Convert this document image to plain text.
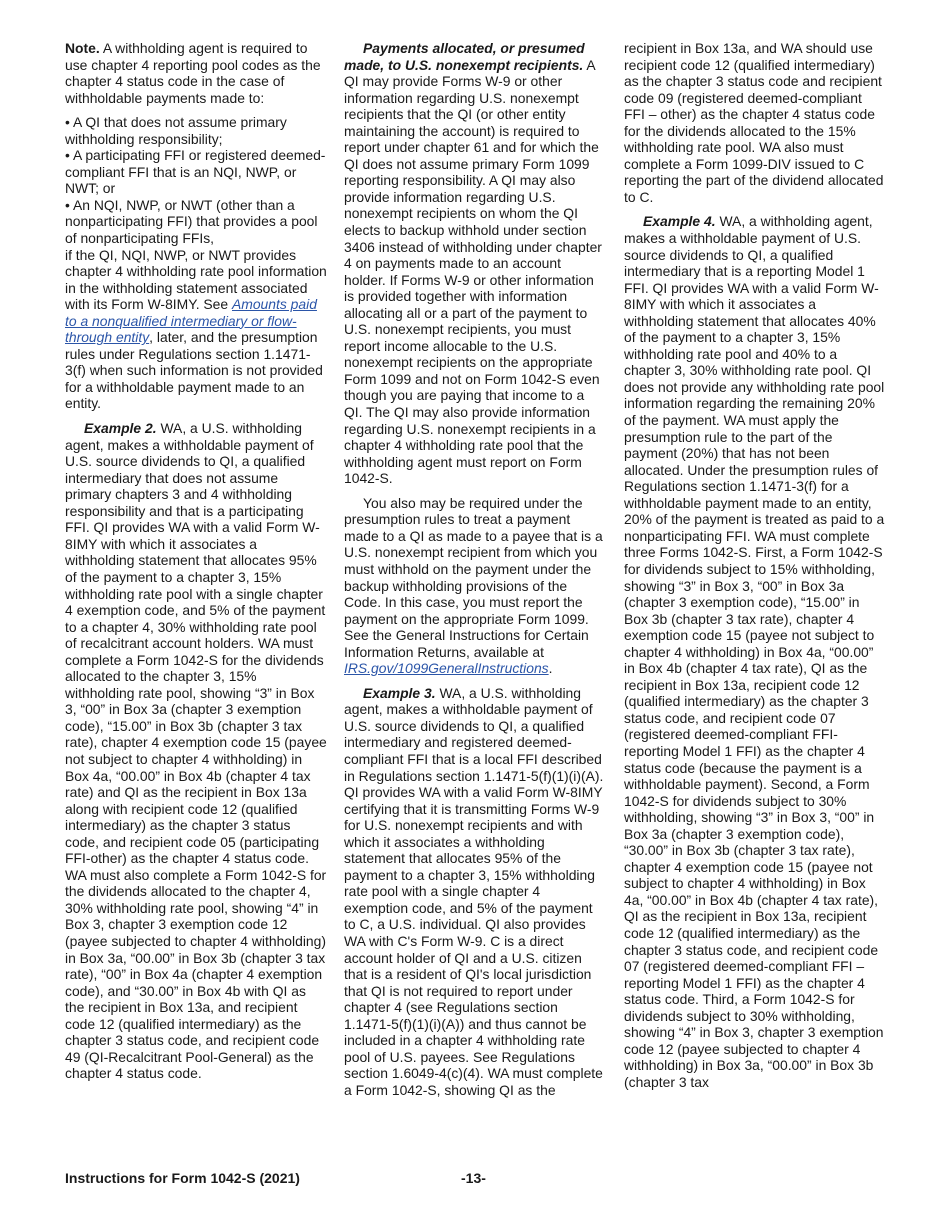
Note. A withholding agent is required to use chapter 4 reporting pool codes as the chapter 4 status code in the case of withholdable payments made to:

• A QI that does not assume primary withholding responsibility;

• A participating FFI or registered deemed-compliant FFI that is an NQI, NWP, or NWT; or

• An NQI, NWP, or NWT (other than a nonparticipating FFI) that provides a pool of nonparticipating FFIs,

if the QI, NQI, NWP, or NWT provides chapter 4 withholding rate pool information in the withholding statement associated with its Form W-8IMY. See Amounts paid to a nonqualified intermediary or flow-through entity, later, and the presumption rules under Regulations section 1.1471-3(f) when such information is not provided for a withholdable payment made to an entity.

Example 2. WA, a U.S. withholding agent, makes a withholdable payment of U.S. source dividends to QI, a qualified intermediary that does not assume primary chapters 3 and 4 withholding responsibility and that is a participating FFI. QI provides WA with a valid Form W-8IMY with which it associates a withholding statement that allocates 95% of the payment to a chapter 3, 15% withholding rate pool with a single chapter 4 exemption code, and 5% of the payment to a chapter 4, 30% withholding rate pool of recalcitrant account holders. WA must complete a Form 1042-S for the dividends allocated to the chapter 3, 15% withholding rate pool, showing “3” in Box 3, “00” in Box 3a (chapter 3 exemption code), “15.00” in Box 3b (chapter 3 tax rate), chapter 4 exemption code 15 (payee not subject to chapter 4 withholding) in Box 4a, “00.00” in Box 4b (chapter 4 tax rate) and QI as the recipient in Box 13a along with recipient code 12 (qualified intermediary) as the chapter 3 status code, and recipient code 05 (participating FFI-other) as the chapter 4 status code. WA must also complete a Form 1042-S for the dividends allocated to the chapter 4, 30% withholding rate pool, showing “4” in Box 3, chapter 3 exemption code 12 (payee subjected to chapter 4 withholding) in Box 3a, “00.00” in Box 3b (chapter 3 tax rate), “00” in Box 4a (chapter 4 exemption code), and “30.00” in Box 4b with QI as the recipient in Box 13a, and recipient code 12 (qualified intermediary) as the chapter 3 status code, and recipient code 49 (QI-Recalcitrant Pool-General) as the chapter 4 status code.

Payments allocated, or presumed made, to U.S. nonexempt recipients. A QI may provide Forms W-9 or other information regarding U.S. nonexempt recipients that the QI (or other entity maintaining the account) is required to report under chapter 61 and for which the QI does not assume primary Form 1099 reporting responsibility. A QI may also provide information regarding U.S. nonexempt recipients on whom the QI elects to backup withhold under section 3406 instead of withholding under chapter 4 on payments made to an account holder. If Forms W-9 or other information is provided together with information allocating all or a part of the payment to U.S. nonexempt recipients, you must report income allocable to the U.S. nonexempt recipients on the appropriate Form 1099 and not on Form 1042-S even though you are paying that income to a QI. The QI may also provide information regarding U.S. nonexempt recipients in a chapter 4 withholding rate pool that the withholding agent must report on Form 1042-S.

You also may be required under the presumption rules to treat a payment made to a QI as made to a payee that is a U.S. nonexempt recipient from which you must withhold on the payment under the backup withholding provisions of the Code. In this case, you must report the payment on the appropriate Form 1099. See the General Instructions for Certain Information Returns, available at IRS.gov/1099GeneralInstructions.

Example 3. WA, a U.S. withholding agent, makes a withholdable payment of U.S. source dividends to QI, a qualified intermediary and registered deemed-compliant FFI that is a local FFI described in Regulations section 1.1471-5(f)(1)(i)(A). QI provides WA with a valid Form W-8IMY certifying that it is transmitting Forms W-9 for U.S. nonexempt recipients and with which it associates a withholding statement that allocates 95% of the payment to a chapter 3, 15% withholding rate pool with a single chapter 4 exemption code, and 5% of the payment to C, a U.S. individual. QI also provides WA with C's Form W-9. C is a direct account holder of QI and a U.S. citizen that is a resident of QI's local jurisdiction that QI is not required to report under chapter 4 (see Regulations section 1.1471-5(f)(1)(i)(A)) and thus cannot be included in a chapter 4 withholding rate pool of U.S. payees. See Regulations section 1.6049-4(c)(4). WA must complete a Form 1042-S, showing QI as the

recipient in Box 13a, and WA should use recipient code 12 (qualified intermediary) as the chapter 3 status code and recipient code 09 (registered deemed-compliant FFI – other) as the chapter 4 status code for the dividends allocated to the 15% withholding rate pool. WA also must complete a Form 1099-DIV issued to C reporting the part of the dividend allocated to C.

Example 4. WA, a withholding agent, makes a withholdable payment of U.S. source dividends to QI, a qualified intermediary that is a reporting Model 1 FFI. QI provides WA with a valid Form W-8IMY with which it associates a withholding statement that allocates 40% of the payment to a chapter 3, 15% withholding rate pool and 40% to a chapter 3, 30% withholding rate pool. QI does not provide any withholding rate pool information regarding the remaining 20% of the payment. WA must apply the presumption rule to the part of the payment (20%) that has not been allocated. Under the presumption rules of Regulations section 1.1471-3(f) for a withholdable payment made to an entity, 20% of the payment is treated as paid to a nonparticipating FFI. WA must complete three Forms 1042-S. First, a Form 1042-S for dividends subject to 15% withholding, showing “3” in Box 3, “00” in Box 3a (chapter 3 exemption code), “15.00” in Box 3b (chapter 3 tax rate), chapter 4 exemption code 15 (payee not subject to chapter 4 withholding) in Box 4a, “00.00” in Box 4b (chapter 4 tax rate), QI as the recipient in Box 13a, recipient code 12 (qualified intermediary) as the chapter 3 status code, and recipient code 07 (registered deemed-compliant FFI-reporting Model 1 FFI) as the chapter 4 status code (because the payment is a withholdable payment). Second, a Form 1042-S for dividends subject to 30% withholding, showing “3” in Box 3, “00” in Box 3a (chapter 3 exemption code), “30.00” in Box 3b (chapter 3 tax rate), chapter 4 exemption code 15 (payee not subject to chapter 4 withholding) in Box 4a, “00.00” in Box 4b (chapter 4 tax rate), QI as the recipient in Box 13a, recipient code 12 (qualified intermediary) as the chapter 3 status code, and recipient code 07 (registered deemed-compliant FFI – reporting Model 1 FFI) as the chapter 4 status code. Third, a Form 1042-S for dividends subject to 30% withholding, showing “4” in Box 3, chapter 3 exemption code 12 (payee subjected to chapter 4 withholding) in Box 3a, “00.00” in Box 3b (chapter 3 tax

Instructions for Form 1042-S (2021)	-13-
